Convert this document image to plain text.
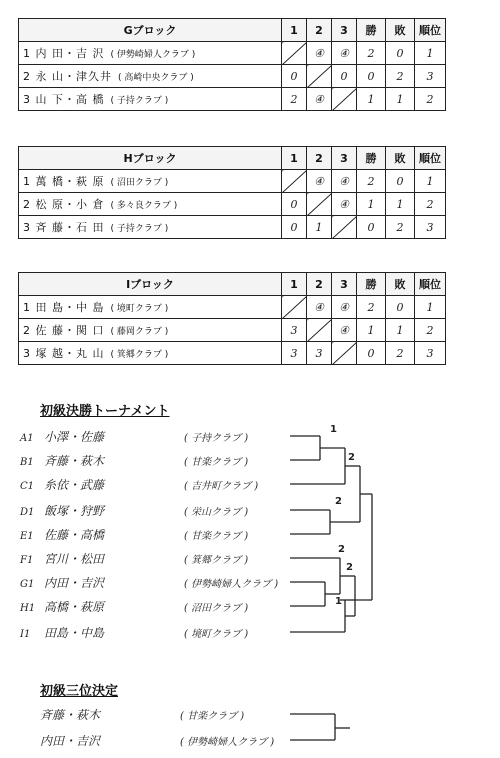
Gブロック	1	2	3	勝	敗	順位
1 内 田・吉 沢 ( 伊勢崎婦人クラブ )		④	④	2	0	1
2 永 山・津久井 ( 高崎中央クラブ )	0		0	0	2	3
3 山 下・高 橋 ( 子持クラブ )	2	④		1	1	2
Hブロック	1	2	3	勝	敗	順位
1 萬 橋・萩 原 ( 沼田クラブ )		④	④	2	0	1
2 松 原・小 倉 ( 多々良クラブ )	0		④	1	1	2
3 斉 藤・石 田 ( 子持クラブ )	0	1		0	2	3
Iブロック	1	2	3	勝	敗	順位
1 田 島・中 島 ( 境町クラブ )		④	④	2	0	1
2 佐 藤・関 口 ( 藤岡クラブ )	3		④	1	1	2
3 塚 越・丸 山 ( 箕郷クラブ )	3	3		0	2	3
初級決勝トーナメント
A1 小澤・佐藤	( 子持クラブ )
B1 斉藤・萩木	( 甘楽クラブ )
C1 糸依・武藤	( 吉井町クラブ )
D1 飯塚・狩野	( 栄山クラブ )
E1 佐藤・高橋	( 甘楽クラブ )
F1 宮川・松田	( 箕郷クラブ )
G1 内田・吉沢	( 伊勢崎婦人クラブ )
H1 高橋・萩原	( 沼田クラブ )
I1 田島・中島	( 境町クラブ )
1
2
2
2
2
1
初級三位決定
斉藤・萩木	( 甘楽クラブ )
内田・吉沢	( 伊勢崎婦人クラブ )
